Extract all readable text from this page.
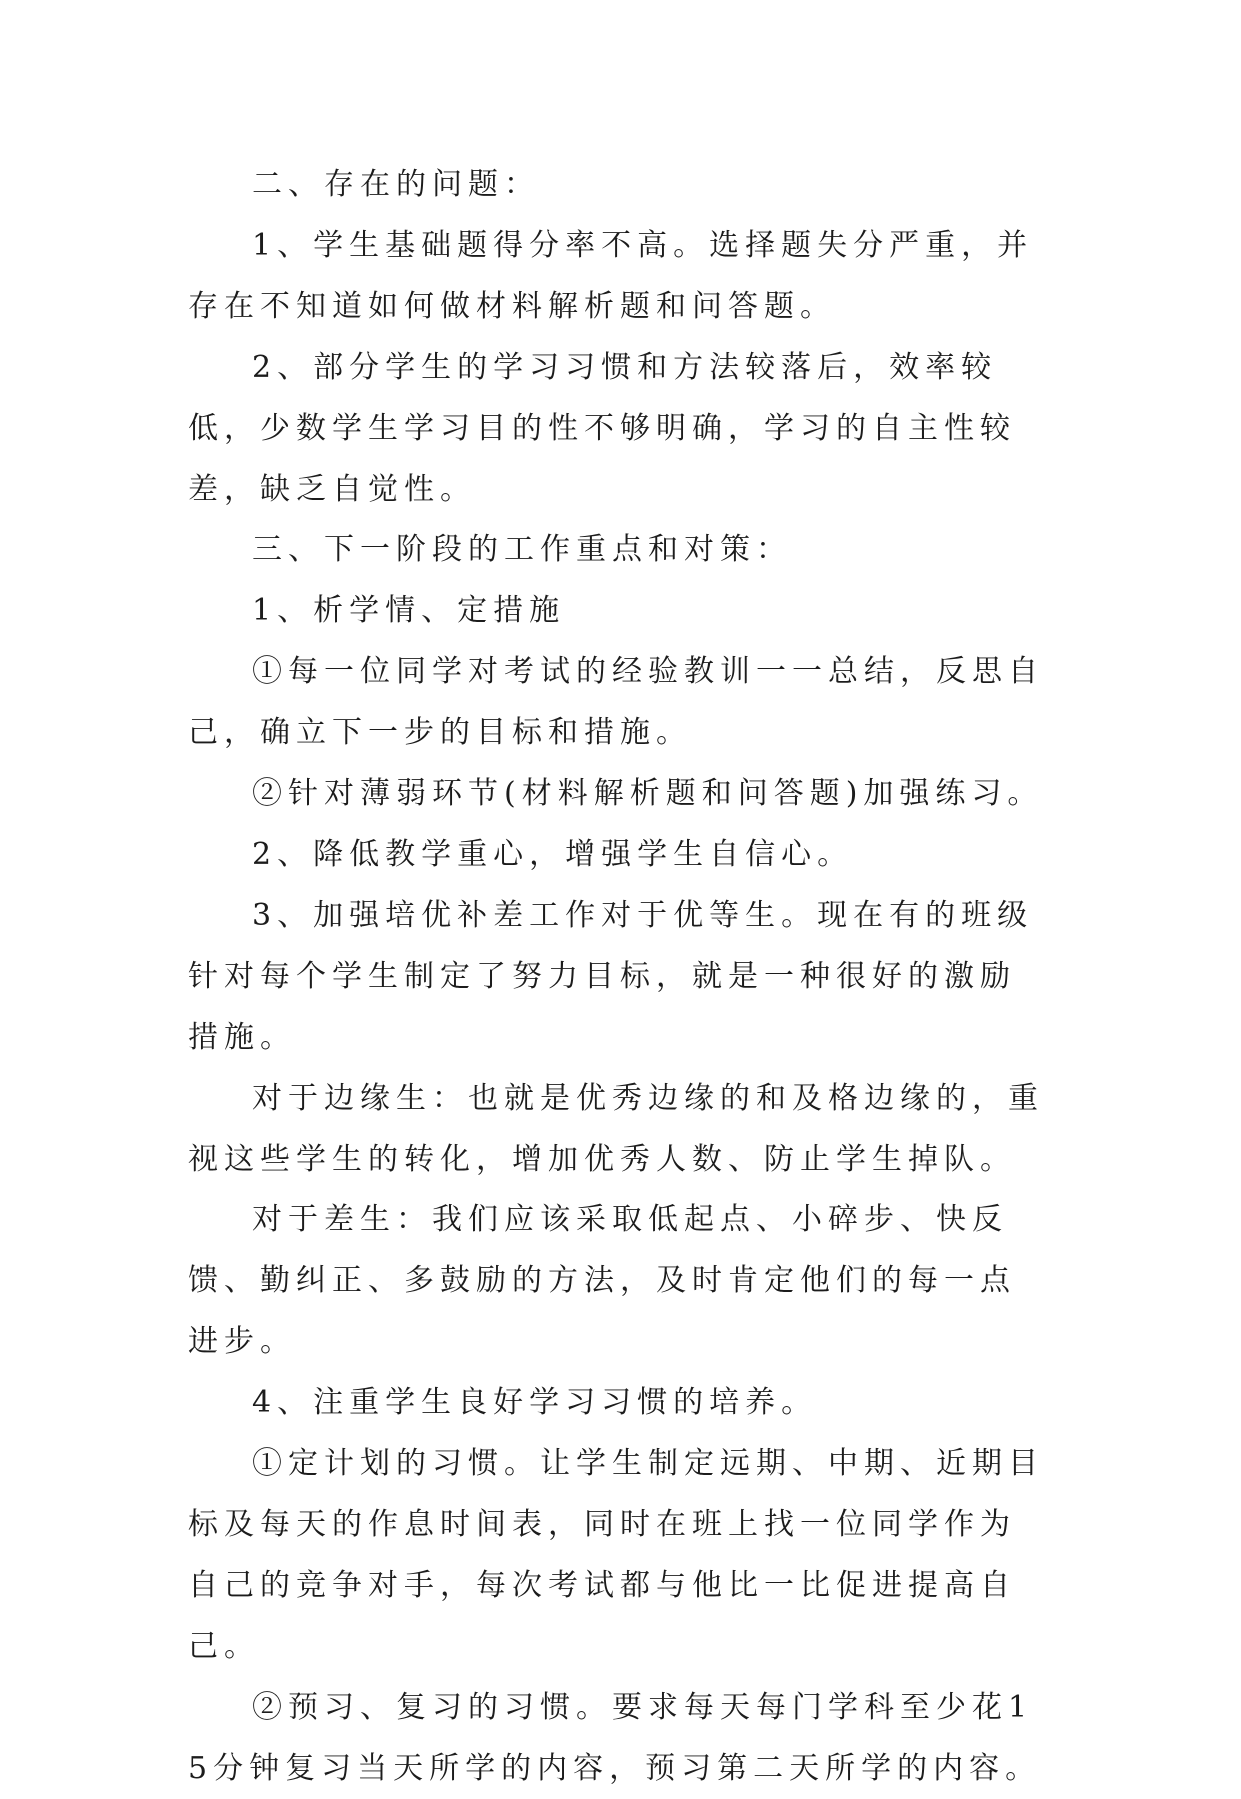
二、存在的问题：

1、学生基础题得分率不高。选择题失分严重，并存在不知道如何做材料解析题和问答题。

2、部分学生的学习习惯和方法较落后，效率较低，少数学生学习目的性不够明确，学习的自主性较差，缺乏自觉性。

三、下一阶段的工作重点和对策：

1、析学情、定措施

①每一位同学对考试的经验教训一一总结，反思自己，确立下一步的目标和措施。

②针对薄弱环节(材料解析题和问答题)加强练习。

2、降低教学重心，增强学生自信心。

3、加强培优补差工作对于优等生。现在有的班级针对每个学生制定了努力目标，就是一种很好的激励措施。

对于边缘生：也就是优秀边缘的和及格边缘的，重视这些学生的转化，增加优秀人数、防止学生掉队。

对于差生：我们应该采取低起点、小碎步、快反馈、勤纠正、多鼓励的方法，及时肯定他们的每一点进步。

4、注重学生良好学习习惯的培养。

①定计划的习惯。让学生制定远期、中期、近期目标及每天的作息时间表，同时在班上找一位同学作为自己的竞争对手，每次考试都与他比一比促进提高自己。

②预习、复习的习惯。要求每天每门学科至少花15分钟复习当天所学的内容，预习第二天所学的内容。
